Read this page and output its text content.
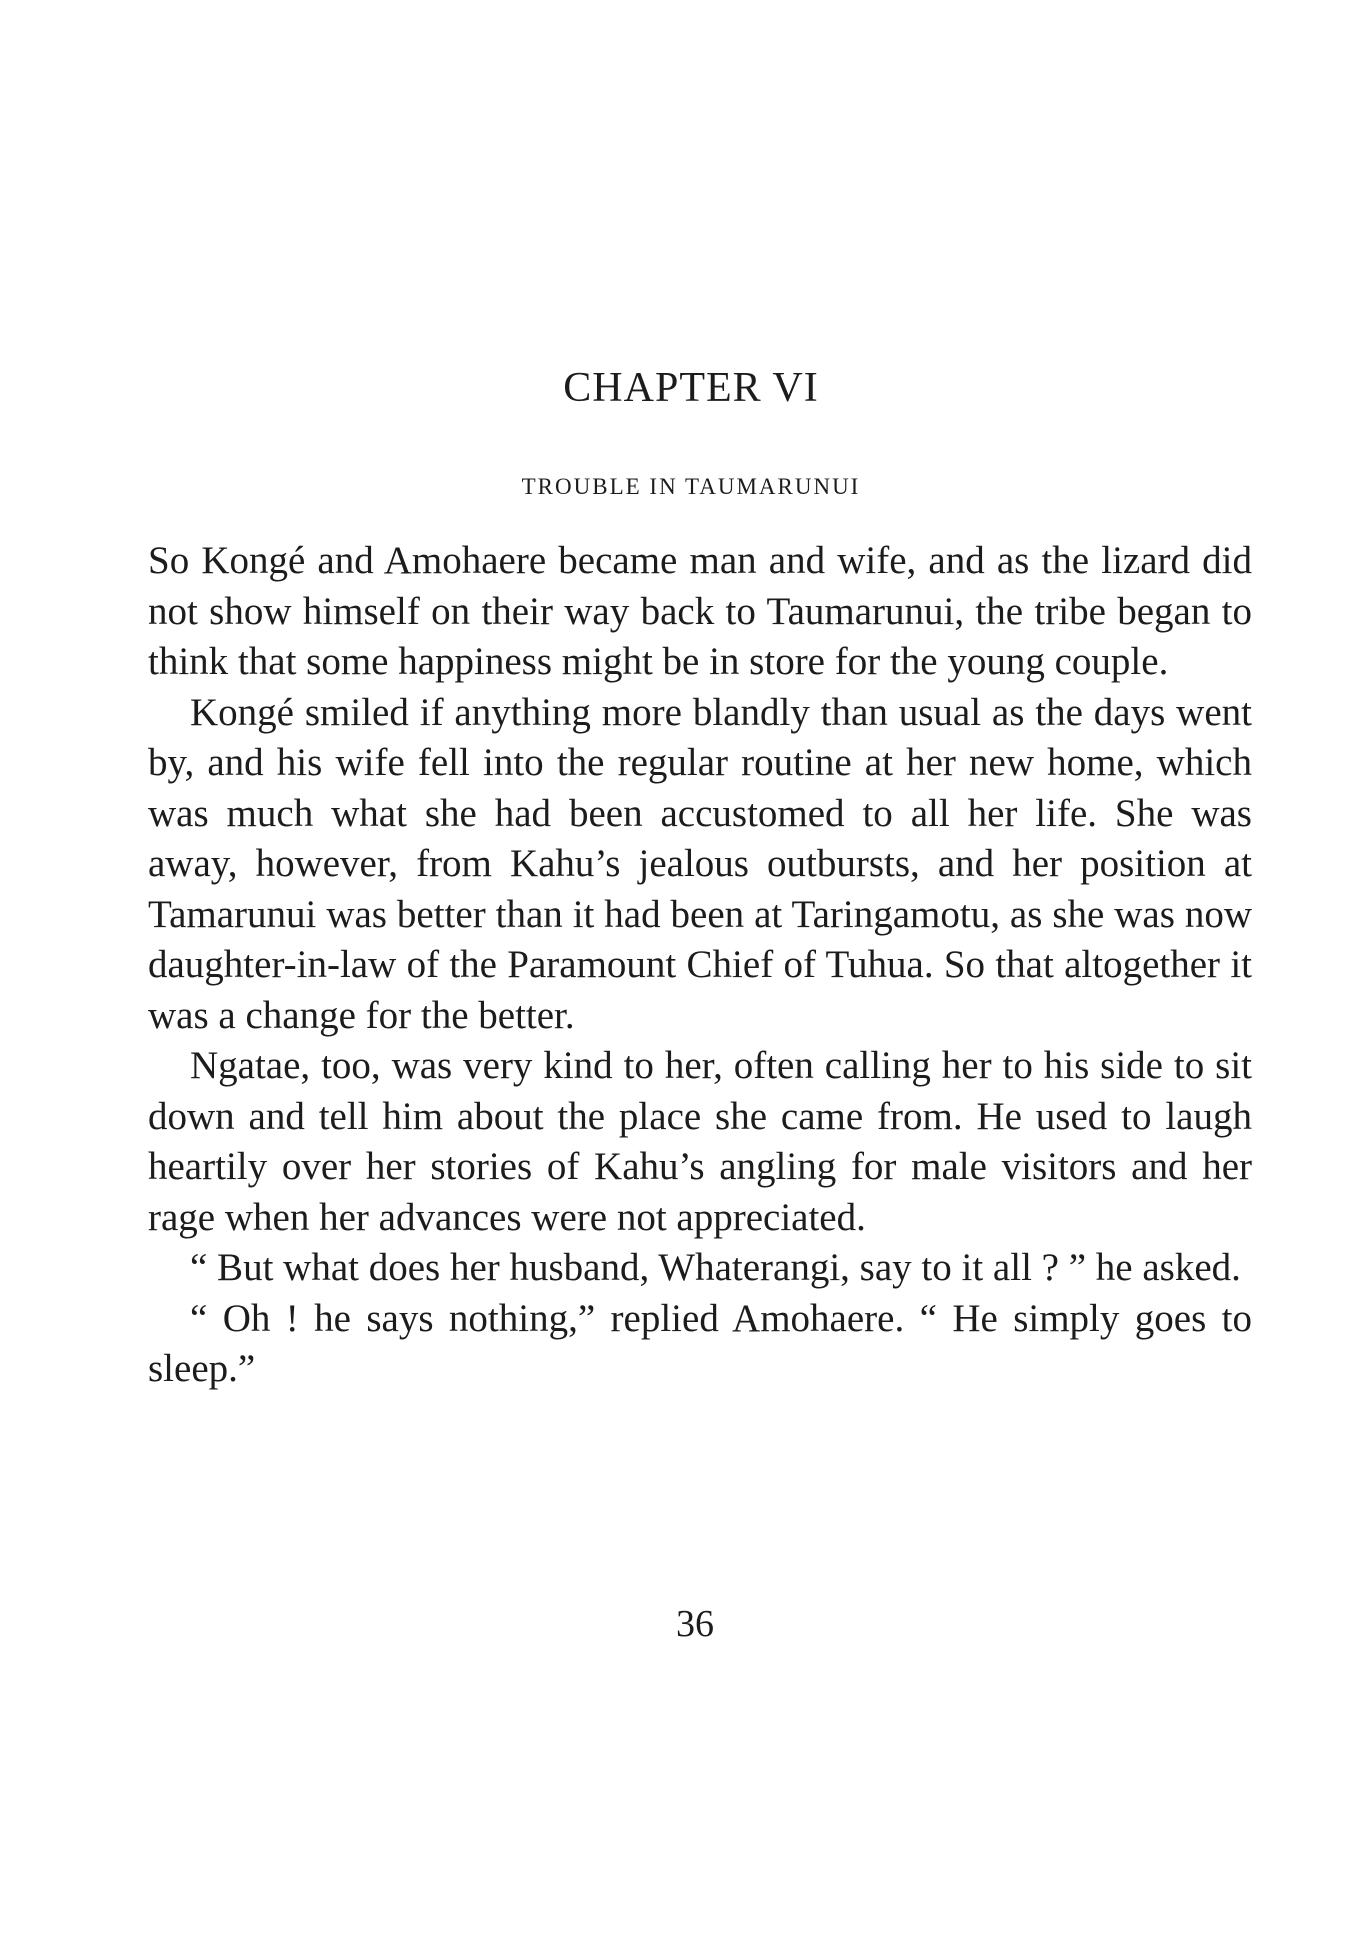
CHAPTER VI
TROUBLE IN TAUMARUNUI

So Kongé and Amohaere became man and wife, and as the lizard did not show himself on their way back to Taumarunui, the tribe began to think that some happiness might be in store for the young couple.

Kongé smiled if anything more blandly than usual as the days went by, and his wife fell into the regular routine at her new home, which was much what she had been accustomed to all her life. She was away, however, from Kahu’s jealous outbursts, and her position at Tamarunui was better than it had been at Taringamotu, as she was now daughter-in-law of the Paramount Chief of Tuhua. So that altogether it was a change for the better.

Ngatae, too, was very kind to her, often calling her to his side to sit down and tell him about the place she came from. He used to laugh heartily over her stories of Kahu’s angling for male visitors and her rage when her advances were not appreciated.

“ But what does her husband, Whaterangi, say to it all ? ” he asked.

“ Oh ! he says nothing,” replied Amohaere. “ He simply goes to sleep.”

36
